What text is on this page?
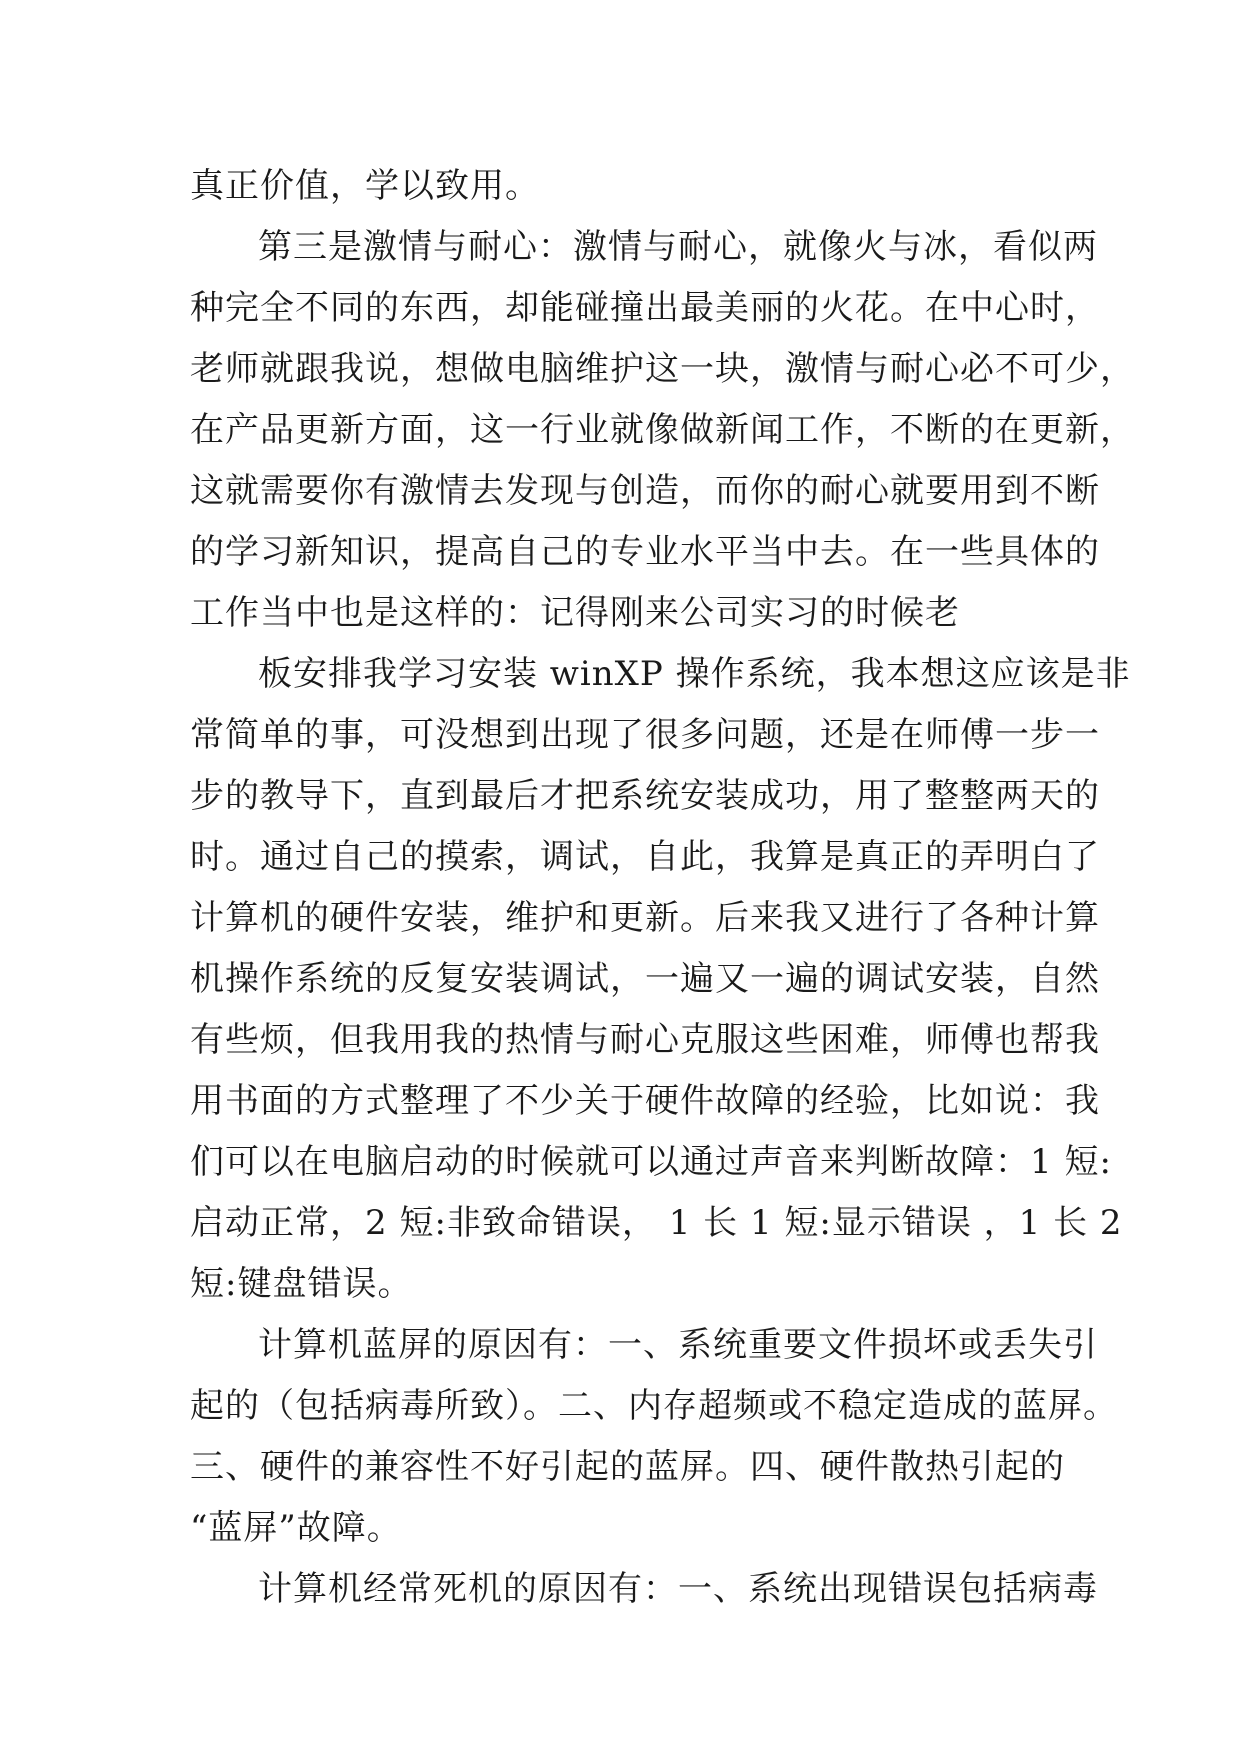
真正价值，学以致用。
第三是激情与耐心：激情与耐心，就像火与冰，看似两
种完全不同的东西，却能碰撞出最美丽的火花。在中心时，
老师就跟我说，想做电脑维护这一块，激情与耐心必不可少，
在产品更新方面，这一行业就像做新闻工作，不断的在更新，
这就需要你有激情去发现与创造，而你的耐心就要用到不断
的学习新知识，提高自己的专业水平当中去。在一些具体的
工作当中也是这样的：记得刚来公司实习的时候老
板安排我学习安装 winXP 操作系统，我本想这应该是非
常简单的事，可没想到出现了很多问题，还是在师傅一步一
步的教导下，直到最后才把系统安装成功，用了整整两天的
时。通过自己的摸索，调试，自此，我算是真正的弄明白了
计算机的硬件安装，维护和更新。后来我又进行了各种计算
机操作系统的反复安装调试，一遍又一遍的调试安装，自然
有些烦，但我用我的热情与耐心克服这些困难，师傅也帮我
用书面的方式整理了不少关于硬件故障的经验，比如说：我
们可以在电脑启动的时候就可以通过声音来判断故障：1 短:
启动正常，2 短:非致命错误， 1 长 1 短:显示错误 ，1 长 2
短:键盘错误。
计算机蓝屏的原因有：一、系统重要文件损坏或丢失引
起的（包括病毒所致）。二、内存超频或不稳定造成的蓝屏。
三、硬件的兼容性不好引起的蓝屏。四、硬件散热引起的
“蓝屏”故障。
计算机经常死机的原因有：一、系统出现错误包括病毒
